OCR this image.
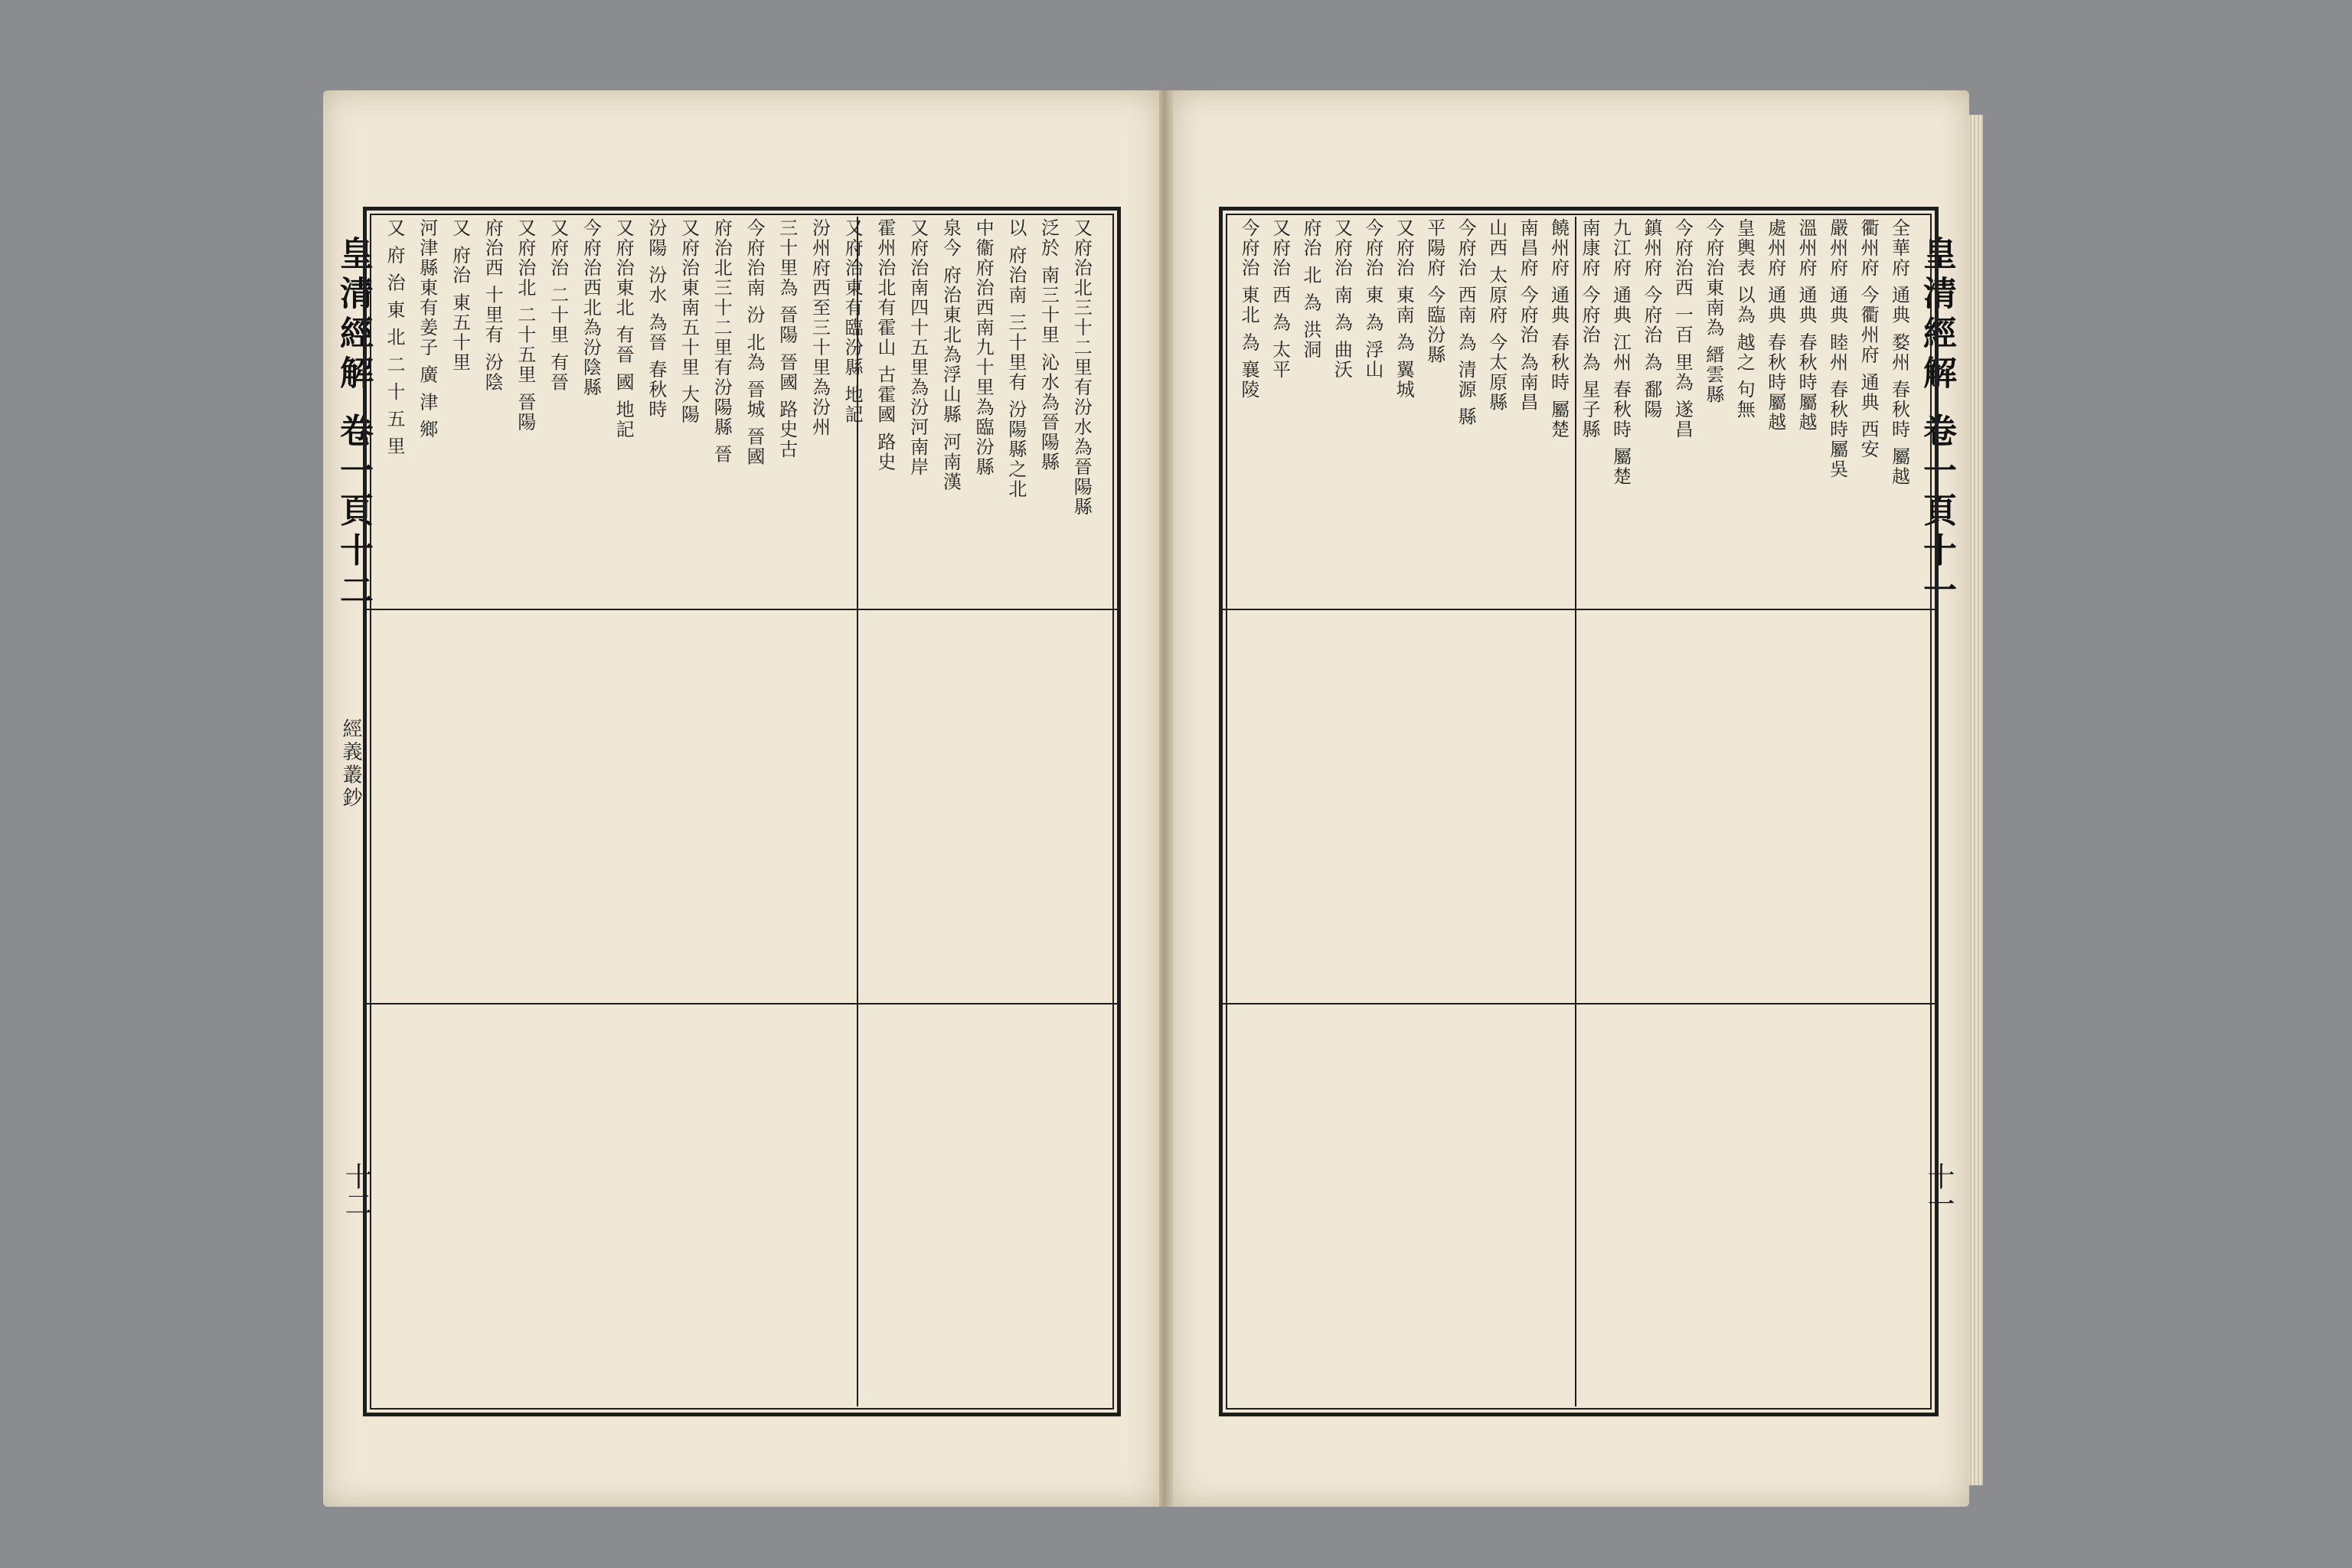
皇清經解 卷一頁十二
經義叢鈔
十二
又府治北三十二里有汾水為晉陽縣
泛於 南三十里 沁水為晉陽縣
以 府治南 三十里有 汾陽縣之北
中衞府治西南九十里為臨汾縣
泉今 府治東北為浮山縣 河南漢
又府治南四十五里為汾河南岸
霍州治北有霍山 古霍國 路史
又府治東有臨汾縣 地記
汾州府西至三十里為汾州
三十里為 晉陽 晉國 路史古
今府治南 汾 北為 晉城 晉國
府治北三十二里有汾陽縣 晉
又府治東南五十里 大陽
汾陽 汾水 為晉 春秋時
又府治東北 有晉 國 地記
今府治西北為汾陰縣
又府治 二十里 有晉
又府治北 二十五里 晉陽
府治西 十里有 汾陰
又 府治 東五十里
河津縣東有姜子 廣 津 鄉
又 府 治 東 北 二 十 五 里	皇清經解 卷一頁十一
十一
全華府 通典 婺州 春秋時 屬越
衢州府 今衢州府 通典 西安
嚴州府 通典 睦州 春秋時屬吳
溫州府 通典 春秋時屬越
處州府 通典 春秋時屬越
皇輿表 以為 越之 句無
今府治東南為 縉雲縣
今府治西 一百 里為 遂昌
鎮州府 今府治 為 鄱陽
九江府 通典 江州 春秋時 屬楚
南康府 今府治 為 星子縣
饒州府 通典 春秋時 屬楚
南昌府 今府治 為南昌
山西 太原府 今太原縣
今府治 西南 為 清源 縣
平陽府 今臨汾縣
又府治 東南 為 翼城
今府治 東 為 浮山
又府治 南 為 曲沃
府治 北 為 洪洞
又府治 西 為 太平
今府治 東北 為 襄陵
